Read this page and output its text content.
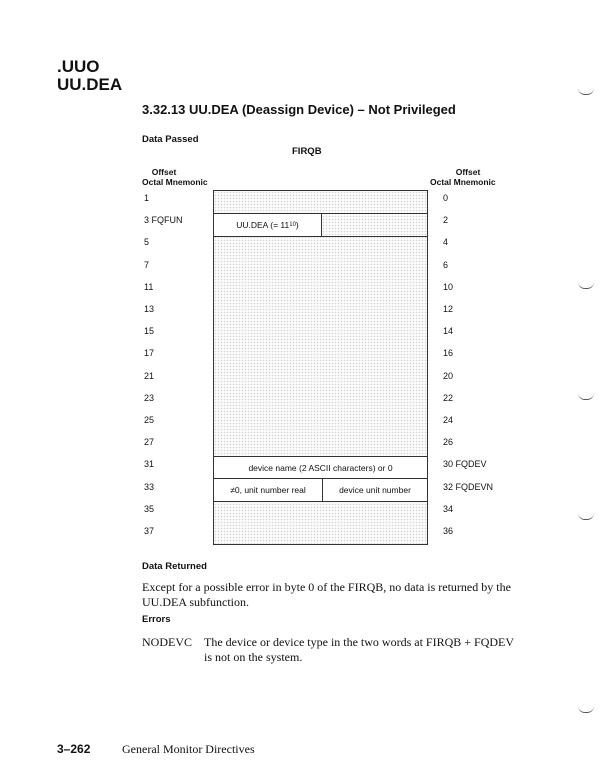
.UUO
UU.DEA
3.32.13 UU.DEA (Deassign Device) – Not Privileged
Data Passed
FIRQB
Offset
Octal Mnemonic
Offset
Octal Mnemonic
1
3 FQFUN
5
7
11
13
15
17
21
23
25
27
31
33
35
37
0
2
4
6
10
12
14
16
20
22
24
26
30 FQDEV
32 FQDEVN
34
36
UU.DEA (= 11 10 )
device name (2 ASCII characters) or 0
≠0, unit number real	device unit number
Data Returned
Except for a possible error in byte 0 of the FIRQB, no data is returned by the UU.DEA subfunction.
Errors
NODEVC The device or device type in the two words at FIRQB + FQDEV is not on the system.
3–262	General Monitor Directives
